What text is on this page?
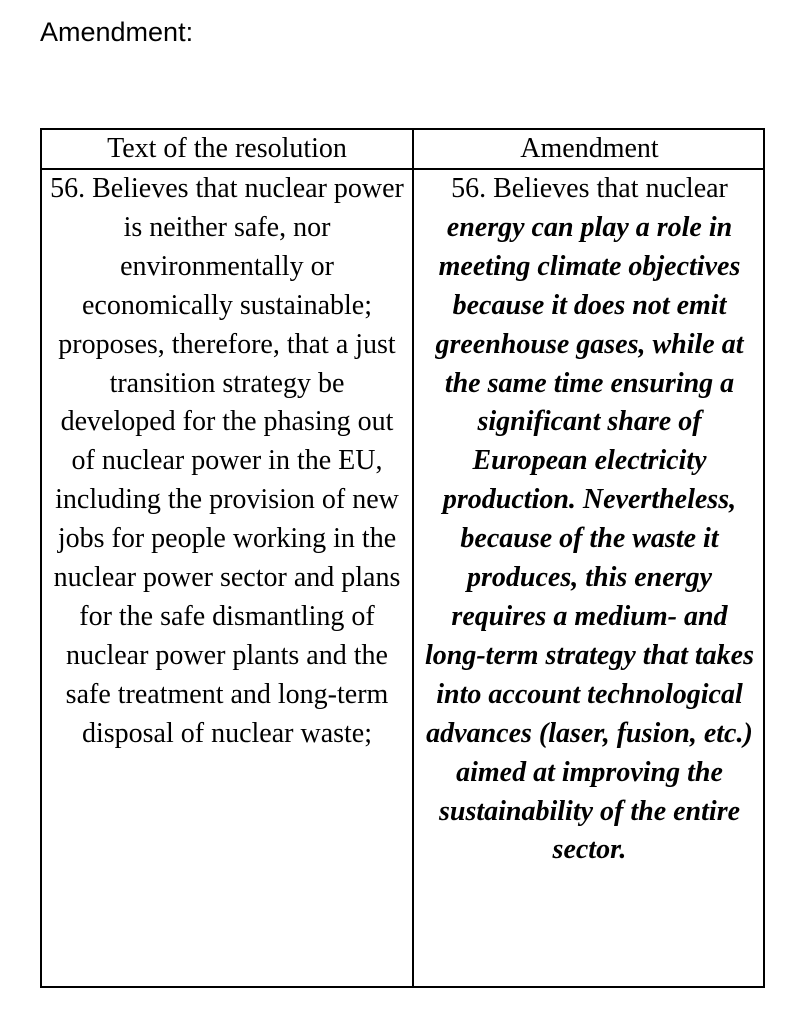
Amendment:
Text of the resolution	Amendment
56. Believes that nuclear power is neither safe, nor environmentally or economically sustainable; proposes, therefore, that a just transition strategy be developed for the phasing out of nuclear power in the EU, including the provision of new jobs for people working in the nuclear power sector and plans for the safe dismantling of nuclear power plants and the safe treatment and long-term disposal of nuclear waste;
56. Believes that nuclear energy can play a role in meeting climate objectives because it does not emit greenhouse gases, while at the same time ensuring a significant share of European electricity production. Nevertheless, because of the waste it produces, this energy requires a medium- and long-term strategy that takes into account technological advances (laser, fusion, etc.) aimed at improving the sustainability of the entire sector.
